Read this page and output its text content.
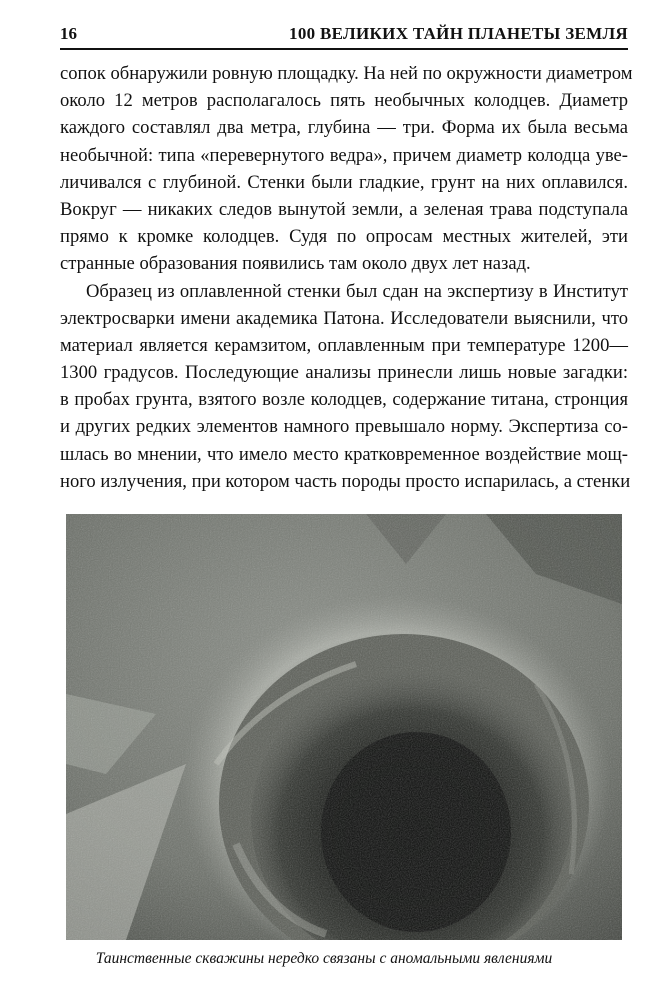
16	100 ВЕЛИКИХ ТАЙН ПЛАНЕТЫ ЗЕМЛЯ
сопок обнаружили ровную площадку. На ней по окружности диаметром
около 12 метров располагалось пять необычных колодцев. Диаметр
каждого составлял два метра, глубина — три. Форма их была весьма
необычной: типа «перевернутого ведра», причем диаметр колодца уве-
личивался с глубиной. Стенки были гладкие, грунт на них оплавился.
Вокруг — никаких следов вынутой земли, а зеленая трава подступала
прямо к кромке колодцев. Судя по опросам местных жителей, эти
странные образования появились там около двух лет назад.
Образец из оплавленной стенки был сдан на экспертизу в Институт
электросварки имени академика Патона. Исследователи выяснили, что
материал является керамзитом, оплавленным при температуре 1200—
1300 градусов. Последующие анализы принесли лишь новые загадки:
в пробах грунта, взятого возле колодцев, содержание титана, стронция
и других редких элементов намного превышало норму. Экспертиза со-
шлась во мнении, что имело место кратковременное воздействие мощ-
ного излучения, при котором часть породы просто испарилась, а стенки
Таинственные скважины нередко связаны с аномальными явлениями
